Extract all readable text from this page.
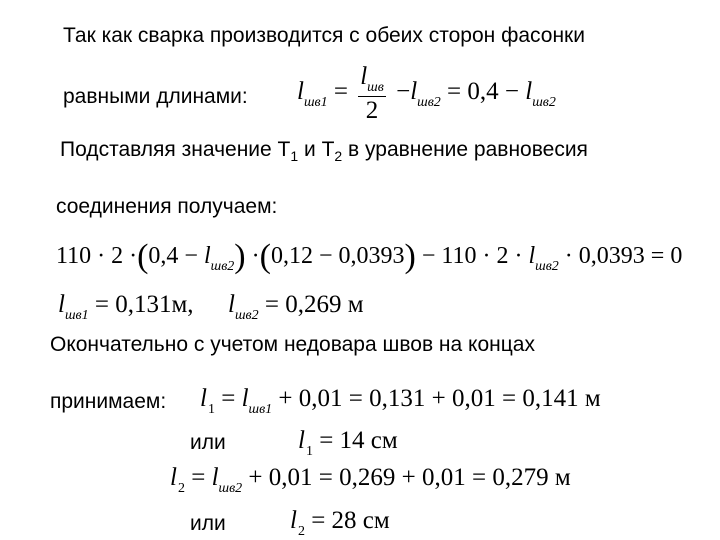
Так как сварка производится с обеих сторон фасонки
равными длинами:
Подставляя значение $Т_1$ и $Т_2$ в уравнение равновесия
соединения получаем:
Окончательно с учетом недовара швов на концах
принимаем:
или
или
$l_{шв1} = \frac{l_{шв}}{2} -l_{шв2} = 0,4 - l_{шв2}$
$110 \cdot 2 \cdot(0,4 - l_{шв2}) \cdot(0,12 - 0,0393) - 110 \cdot 2 \cdot l_{шв2} \cdot 0,0393 = 0$
$l_{шв1} = 0,131м$, $l_{шв2} = 0,269$ м
$l_1 = l_{шв1} + 0,01 = 0,131 + 0,01 = 0,141$ м
$l_1 = 14$ см
$l_2 = l_{шв2} + 0,01 = 0,269 + 0,01 = 0,279$ м
$l_2 = 28$ см
